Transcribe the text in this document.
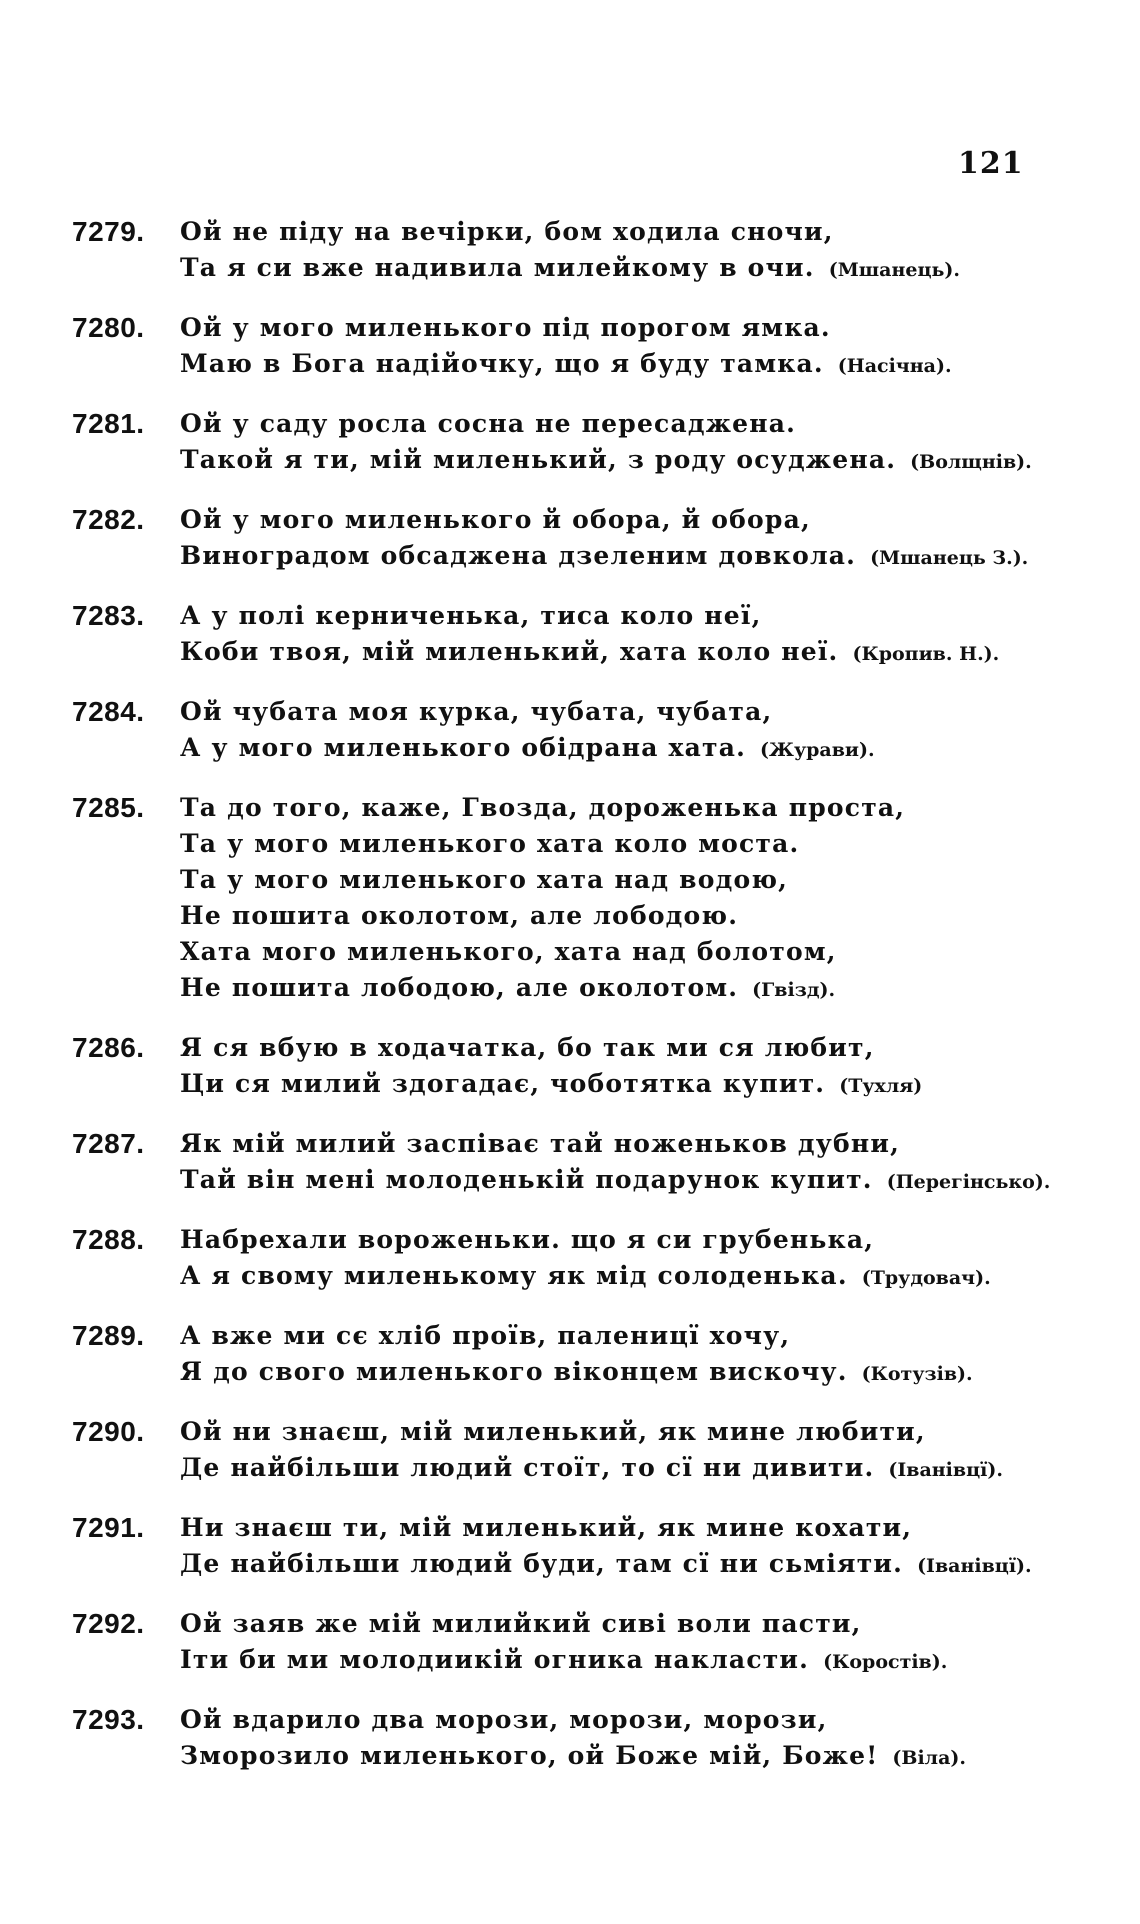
121
7279.	Ой не піду на вечірки, бом ходила сночи,
Та я си вже надивила милейкому в очи. (Мшанець).
7280.	Ой у мого миленького під порогом ямка.
Маю в Бога надійочку, що я буду тамка. (Насічна).
7281.	Ой у саду росла сосна не пересаджена.
Такой я ти, мій миленький, з роду осуджена. (Волщнів).
7282.	Ой у мого миленького й обора, й обора,
Виноградом обсаджена дзеленим довкола. (Мшанець З.).
7283.	А у полі керниченька, тиса коло неї,
Коби твоя, мій миленький, хата коло неї. (Кропив. Н.).
7284.	Ой чубата моя курка, чубата, чубата,
А у мого миленького обідрана хата. (Журави).
7285.	Та до того, каже, Гвозда, дороженька проста,
Та у мого миленького хата коло моста.
Та у мого миленького хата над водою,
Не пошита околотом, але лободою.
Хата мого миленького, хата над болотом,
Не пошита лободою, але околотом. (Гвізд).
7286.	Я ся вбую в ходачатка, бо так ми ся любит,
Ци ся милий здогадає, чоботятка купит. (Тухля)
7287.	Як мій милий заспіває тай ноженьков дубни,
Тай він мені молоденькій подарунок купит. (Перегінсько).
7288.	Набрехали вороженьки. що я си грубенька,
А я свому миленькому як мід солоденька. (Трудовач).
7289.	А вже ми сє хліб проїв, паленицї хочу,
Я до свого миленького віконцем вискочу. (Котузів).
7290.	Ой ни знаєш, мій миленький, як мине любити,
Де найбільши людий стоїт, то сї ни дивити. (Іванівцї).
7291.	Ни знаєш ти, мій миленький, як мине кохати,
Де найбільши людий буди, там сї ни сьміяти. (Іванівцї).
7292.	Ой заяв же мій милийкий сиві воли пасти,
Іти би ми молодиикій огника накласти. (Коростів).
7293.	Ой вдарило два морози, морози, морози,
Зморозило миленького, ой Боже мій, Боже! (Віла).
